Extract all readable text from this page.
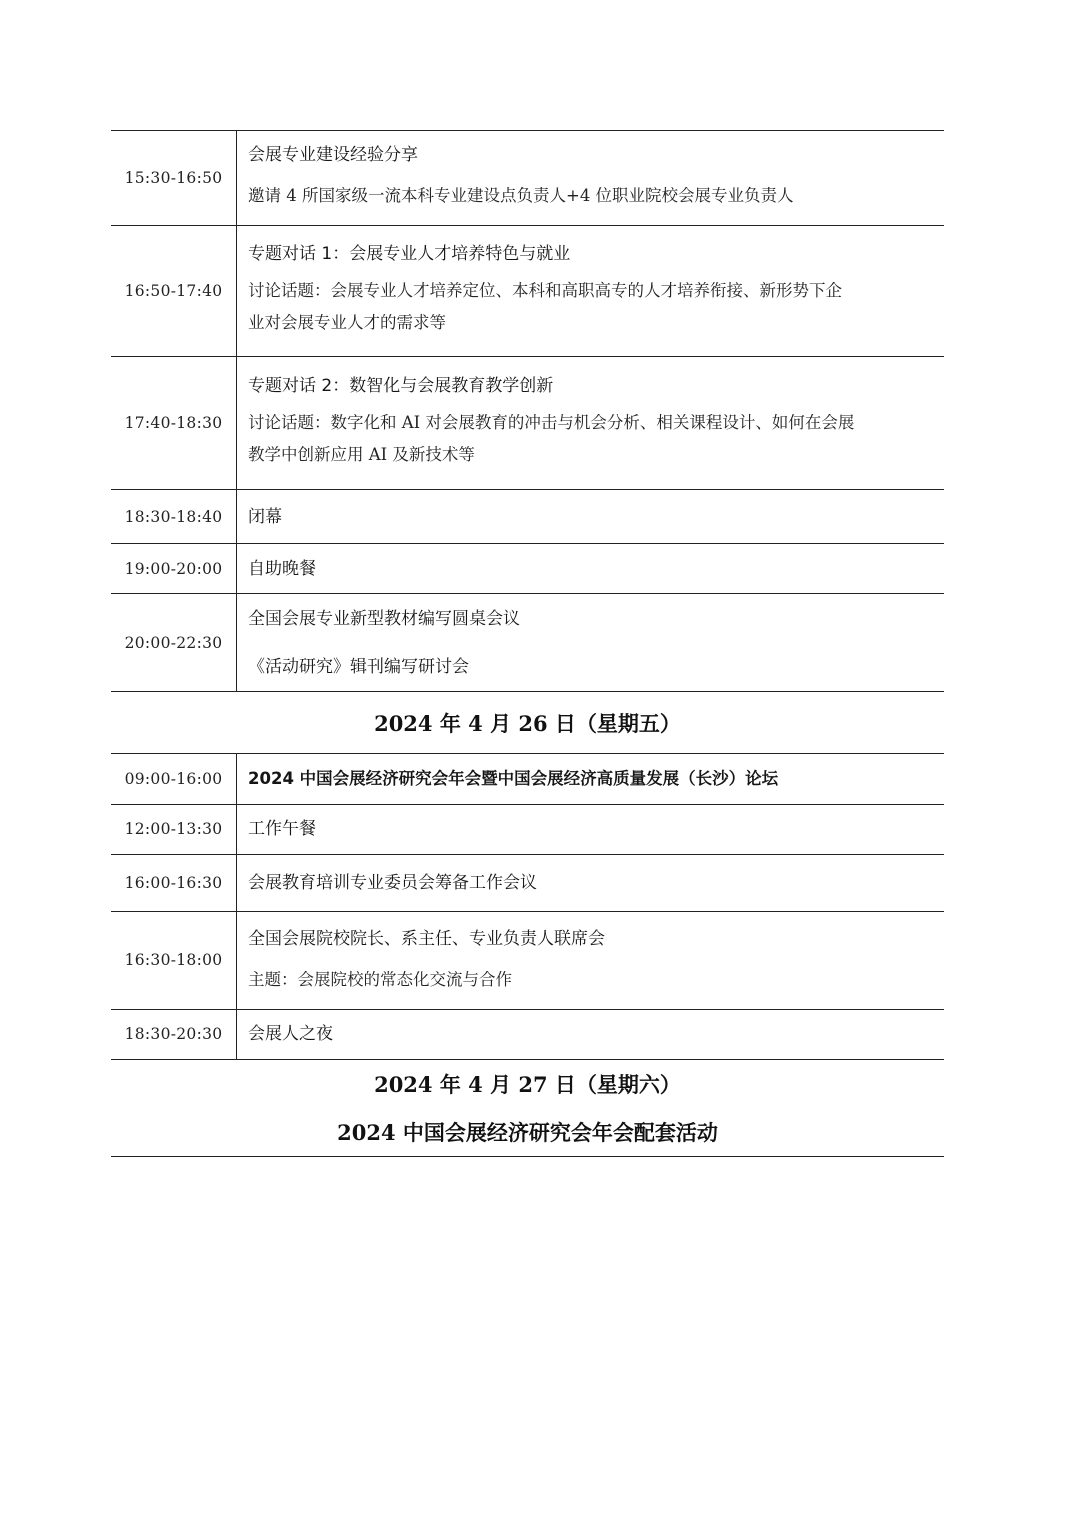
15:30-16:50	会展专业建设经验分享
邀请 4 所国家级一流本科专业建设点负责人+4 位职业院校会展专业负责人

16:50-17:40	专题对话 1：会展专业人才培养特色与就业
讨论话题：会展专业人才培养定位、本科和高职高专的人才培养衔接、新形势下企
业对会展专业人才的需求等

17:40-18:30	专题对话 2：数智化与会展教育教学创新
讨论话题：数字化和 AI 对会展教育的冲击与机会分析、相关课程设计、如何在会展
教学中创新应用 AI 及新技术等

18:30-18:40	闭幕

19:00-20:00	自助晚餐

20:00-22:30	全国会展专业新型教材编写圆桌会议
《活动研究》辑刊编写研讨会
2024 年 4 月 26 日（星期五）
09:00-16:00	2024 中国会展经济研究会年会暨中国会展经济高质量发展（长沙）论坛

12:00-13:30	工作午餐

16:00-16:30	会展教育培训专业委员会筹备工作会议

16:30-18:00	全国会展院校院长、系主任、专业负责人联席会
主题：会展院校的常态化交流与合作

18:30-20:30	会展人之夜
2024 年 4 月 27 日（星期六）
2024 中国会展经济研究会年会配套活动
